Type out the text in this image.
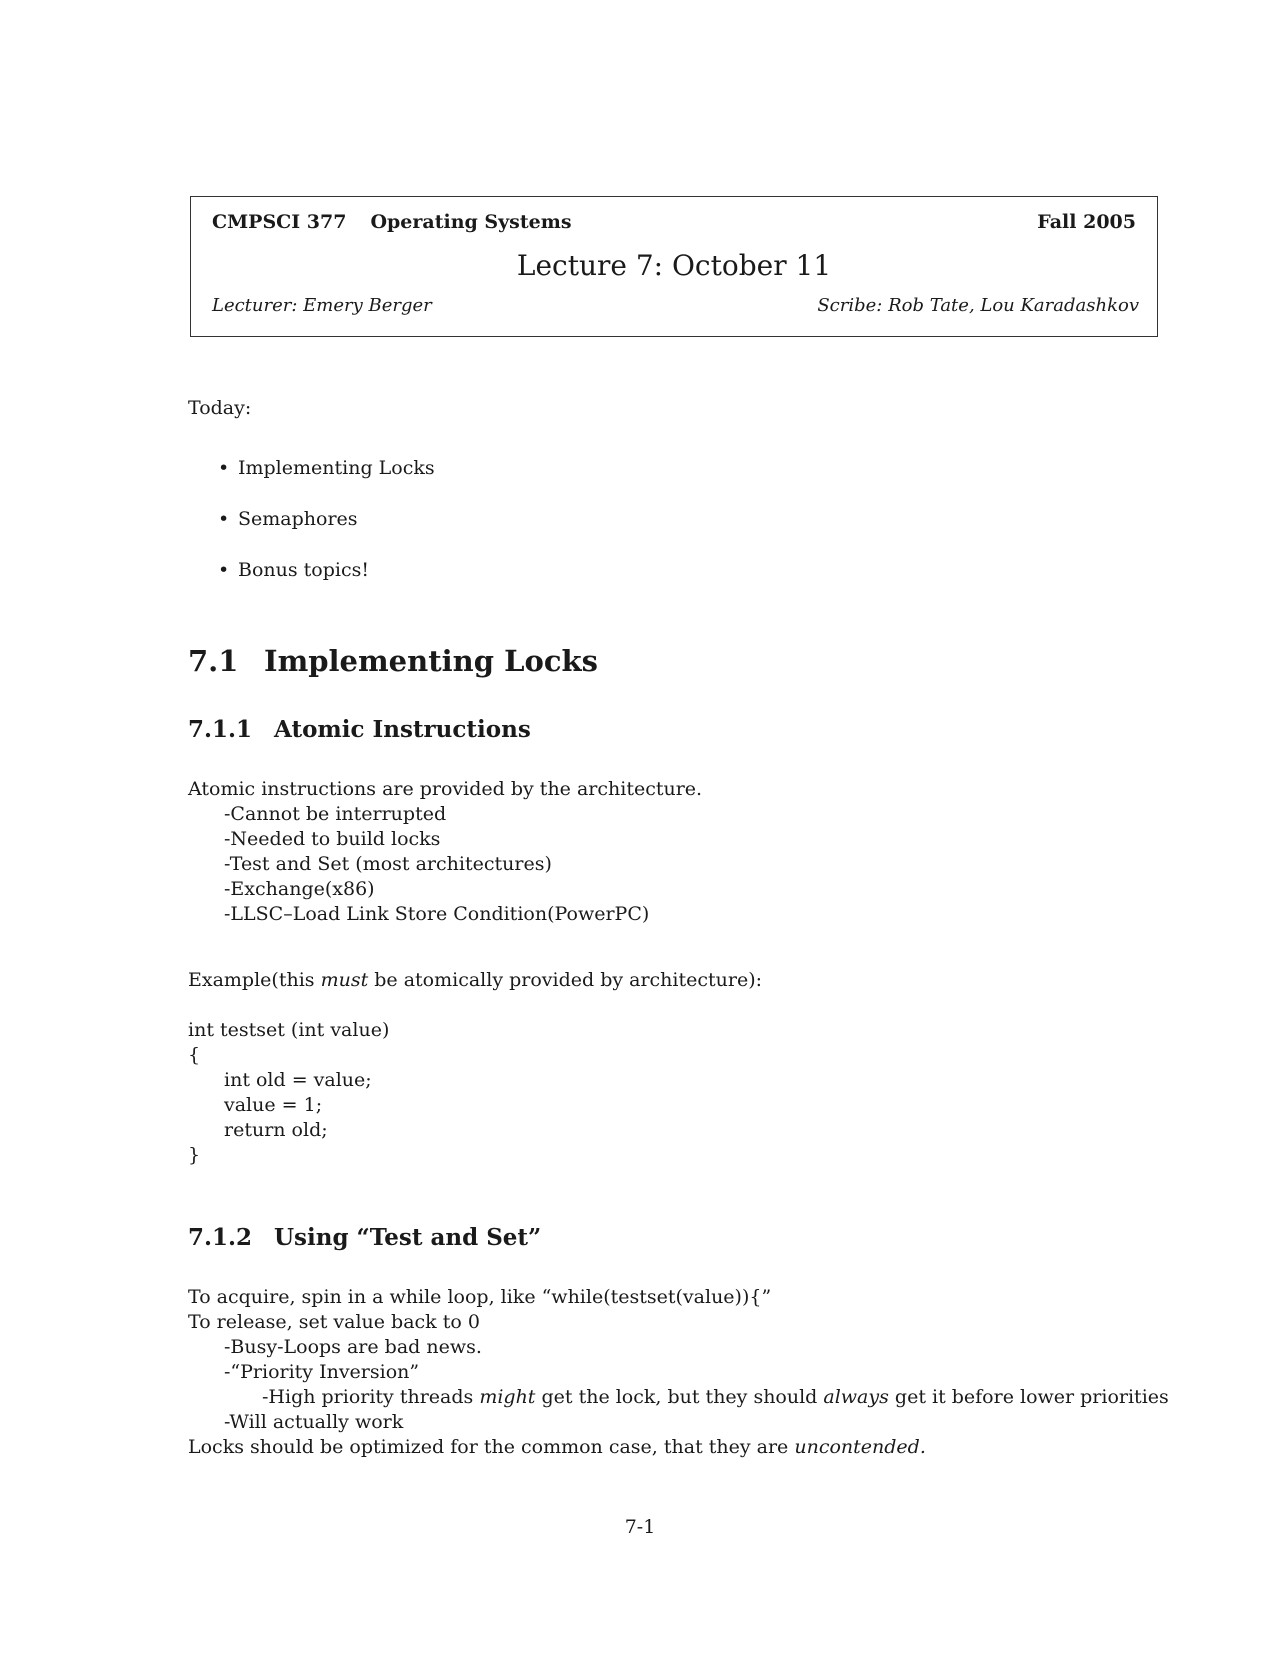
CMPSCI 377 Operating Systems	Fall 2005
Lecture 7: October 11
Lecturer: Emery Berger	Scribe: Rob Tate, Lou Karadashkov
Today:
• Implementing Locks
• Semaphores
• Bonus topics!
7.1 Implementing Locks
7.1.1 Atomic Instructions
Atomic instructions are provided by the architecture.
-Cannot be interrupted
-Needed to build locks
-Test and Set (most architectures)
-Exchange(x86)
-LLSC–Load Link Store Condition(PowerPC)
Example(this must be atomically provided by architecture):
int testset (int value)
{
int old = value;
value = 1;
return old;
}
7.1.2 Using “Test and Set”
To acquire, spin in a while loop, like “while(testset(value)){”
To release, set value back to 0
-Busy-Loops are bad news.
-“Priority Inversion”
-High priority threads might get the lock, but they should always get it before lower priorities
-Will actually work
Locks should be optimized for the common case, that they are uncontended.
7-1
